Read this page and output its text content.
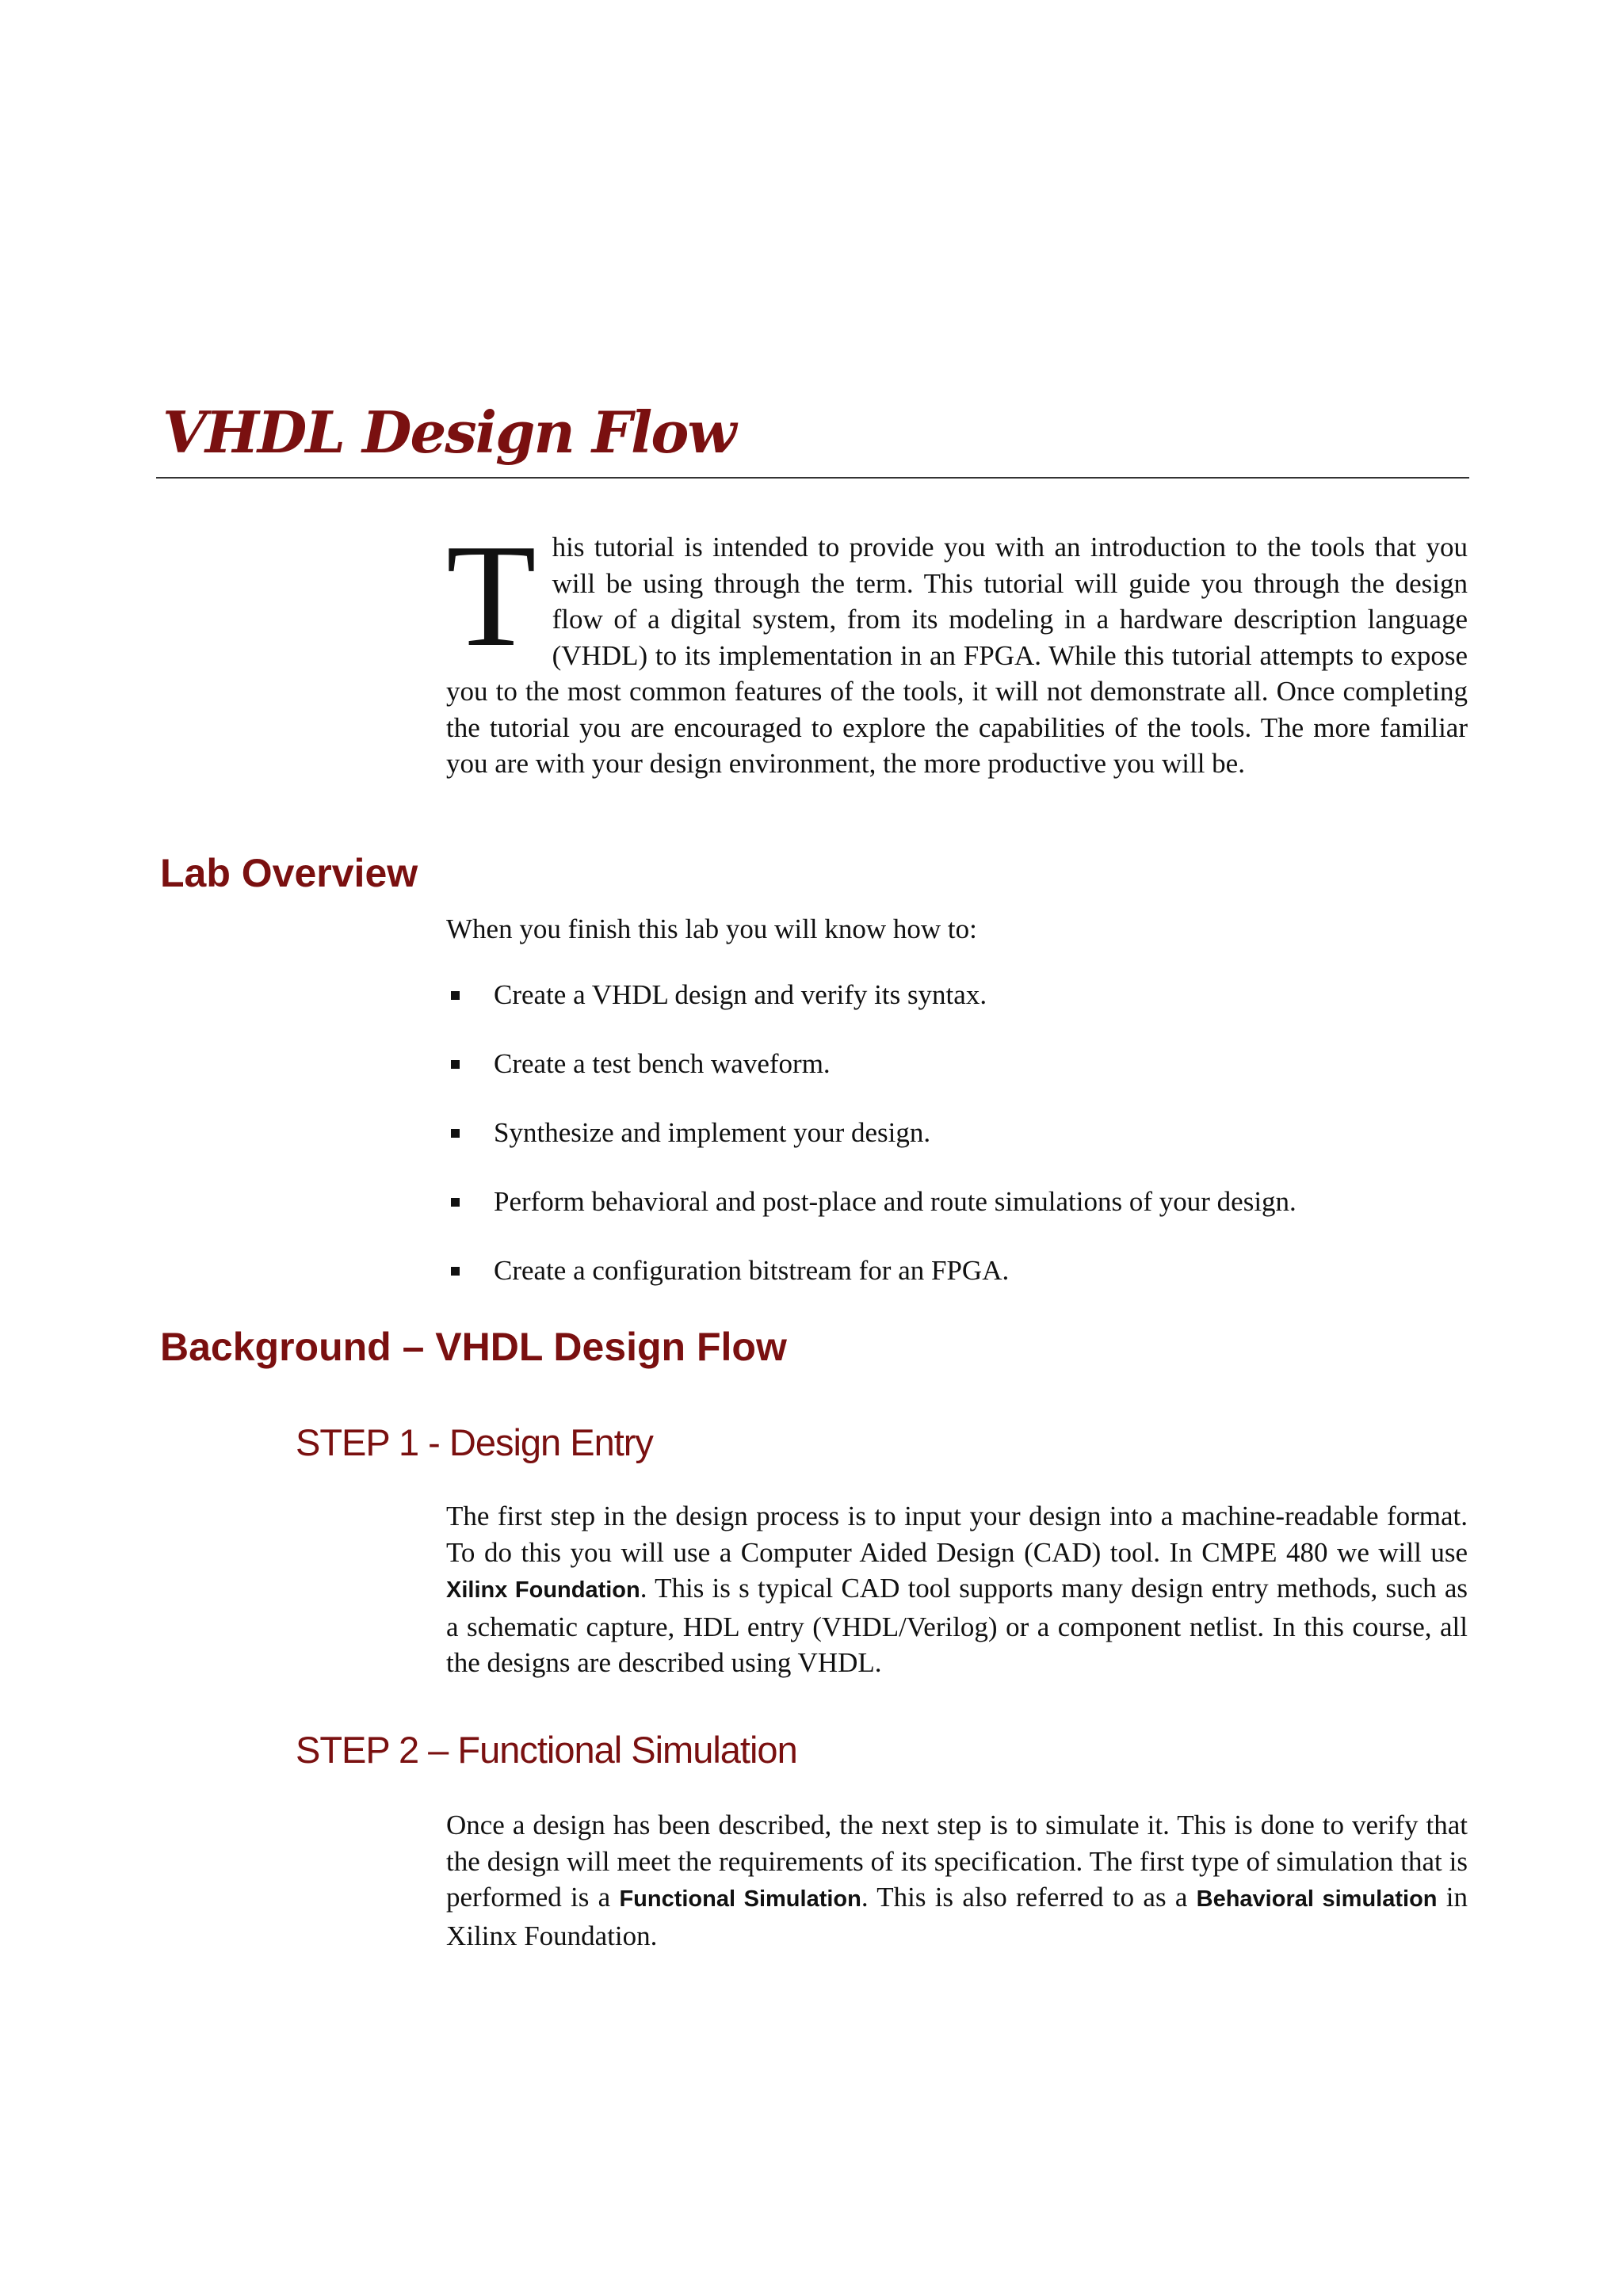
VHDL Design Flow

This tutorial is intended to provide you with an introduction to the tools that you will be using through the term. This tutorial will guide you through the design flow of a digital system, from its modeling in a hardware description language (VHDL) to its implementation in an FPGA. While this tutorial attempts to expose you to the most common features of the tools, it will not demonstrate all. Once completing the tutorial you are encouraged to explore the capabilities of the tools. The more familiar you are with your design environment, the more productive you will be.

Lab Overview

When you finish this lab you will know how to:

Create a VHDL design and verify its syntax.
Create a test bench waveform.
Synthesize and implement your design.
Perform behavioral and post-place and route simulations of your design.
Create a configuration bitstream for an FPGA.
Background – VHDL Design Flow
STEP 1 - Design Entry

The first step in the design process is to input your design into a machine-readable format. To do this you will use a Computer Aided Design (CAD) tool. In CMPE 480 we will use Xilinx Foundation. This is s typical CAD tool supports many design entry methods, such as a schematic capture, HDL entry (VHDL/Verilog) or a component netlist. In this course, all the designs are described using VHDL.

STEP 2 – Functional Simulation

Once a design has been described, the next step is to simulate it. This is done to verify that the design will meet the requirements of its specification. The first type of simulation that is performed is a Functional Simulation. This is also referred to as a Behavioral simulation in Xilinx Foundation.
